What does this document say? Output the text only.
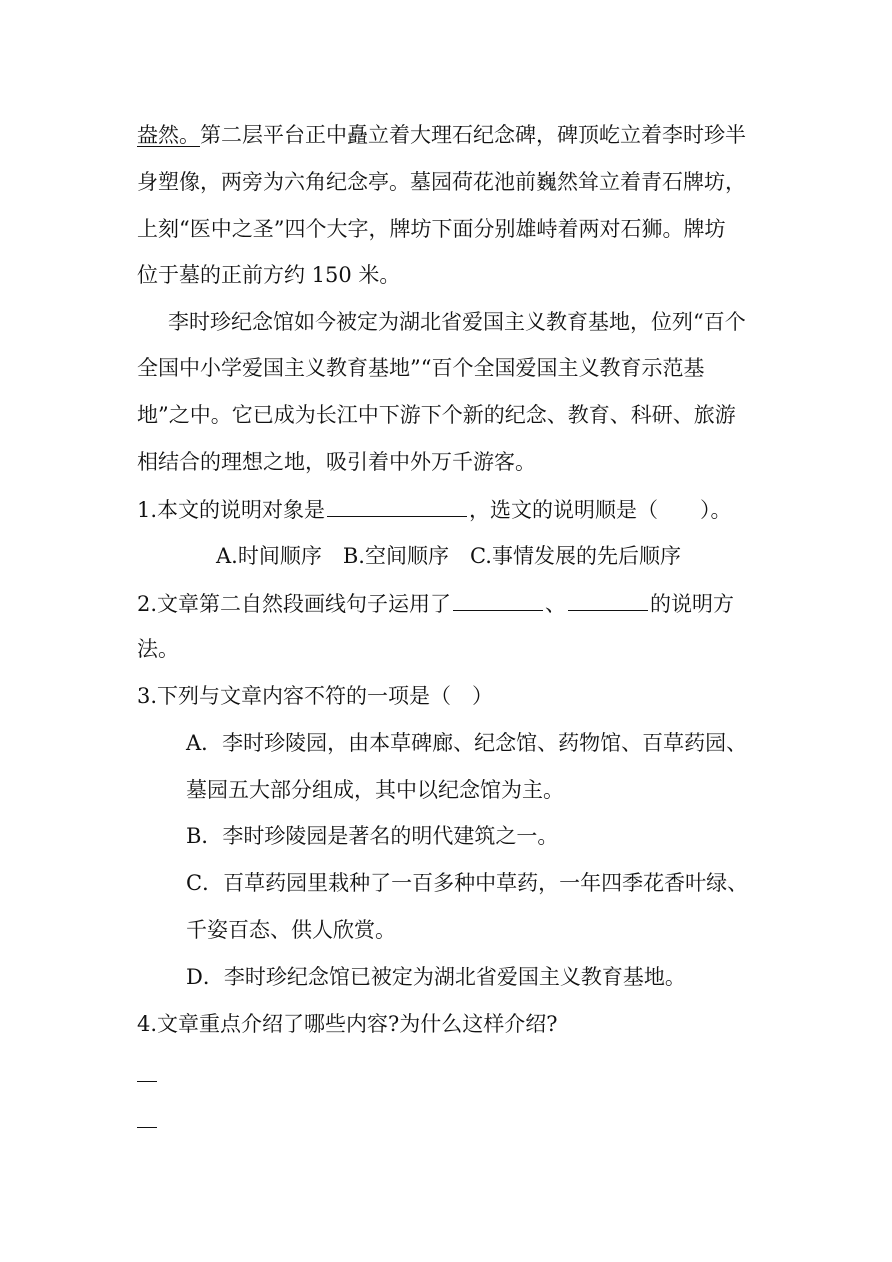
盎然。第二层平台正中矗立着大理石纪念碑，碑顶屹立着李时珍半
身塑像，两旁为六角纪念亭。墓园荷花池前巍然耸立着青石牌坊，
上刻“医中之圣”四个大字，牌坊下面分别雄峙着两对石狮。牌坊
位于墓的正前方约 150 米。
李时珍纪念馆如今被定为湖北省爱国主义教育基地，位列“百个
全国中小学爱国主义教育基地”“百个全国爱国主义教育示范基
地”之中。它已成为长江中下游下个新的纪念、教育、科研、旅游
相结合的理想之地，吸引着中外万千游客。
1.本文的说明对象是	，选文的说明顺是（　　）。
A.时间顺序　B.空间顺序　C.事情发展的先后顺序
2.文章第二自然段画线句子运用了	、	的说明方
法。
3.下列与文章内容不符的一项是（　）
A．李时珍陵园，由本草碑廊、纪念馆、药物馆、百草药园、
墓园五大部分组成，其中以纪念馆为主。
B．李时珍陵园是著名的明代建筑之一。
C．百草药园里栽种了一百多种中草药，一年四季花香叶绿、
千姿百态、供人欣赏。
D．李时珍纪念馆已被定为湖北省爱国主义教育基地。
4.文章重点介绍了哪些内容?为什么这样介绍?
